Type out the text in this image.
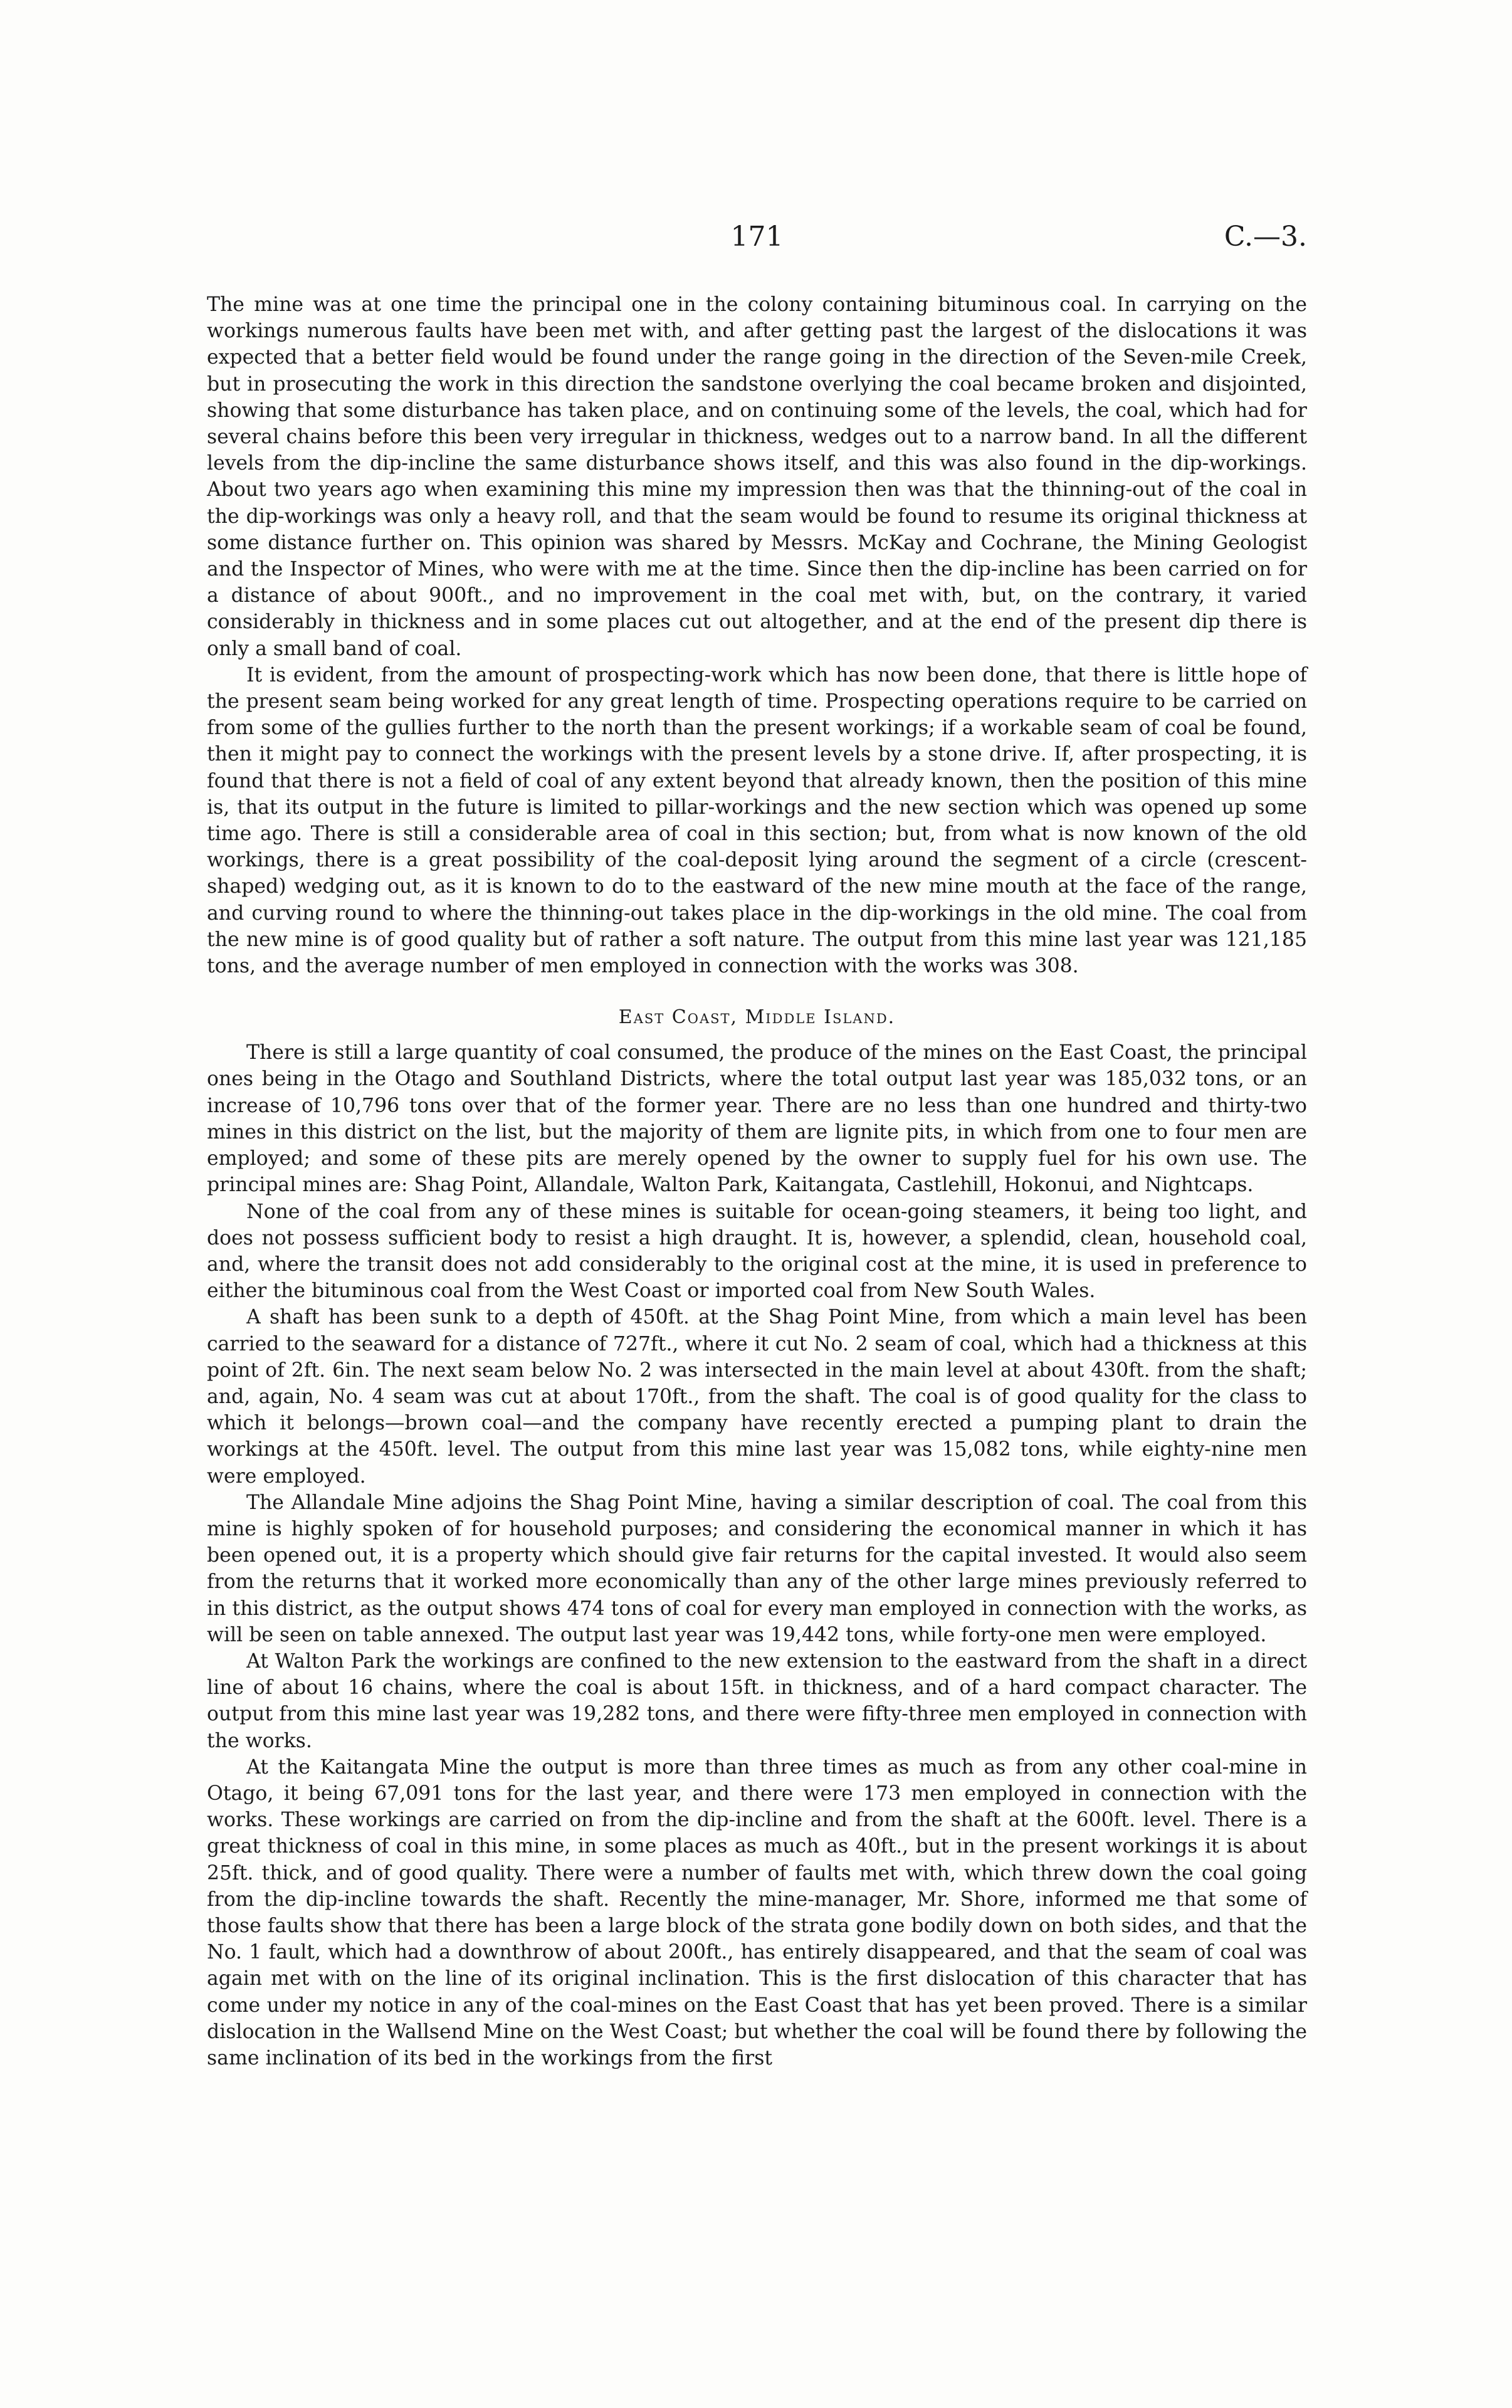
171	C.—3.

The mine was at one time the principal one in the colony containing bituminous coal. In carrying on the workings numerous faults have been met with, and after getting past the largest of the dislocations it was expected that a better field would be found under the range going in the direction of the Seven-mile Creek, but in prosecuting the work in this direction the sandstone overlying the coal became broken and disjointed, showing that some disturbance has taken place, and on continuing some of the levels, the coal, which had for several chains before this been very irregular in thickness, wedges out to a narrow band. In all the different levels from the dip-incline the same disturbance shows itself, and this was also found in the dip-workings. About two years ago when examining this mine my impression then was that the thinning-out of the coal in the dip-workings was only a heavy roll, and that the seam would be found to resume its original thickness at some distance further on. This opinion was shared by Messrs. McKay and Cochrane, the Mining Geologist and the Inspector of Mines, who were with me at the time. Since then the dip-incline has been carried on for a distance of about 900ft., and no improvement in the coal met with, but, on the contrary, it varied considerably in thickness and in some places cut out altogether, and at the end of the present dip there is only a small band of coal.

It is evident, from the amount of prospecting-work which has now been done, that there is little hope of the present seam being worked for any great length of time. Prospecting operations require to be carried on from some of the gullies further to the north than the present workings; if a workable seam of coal be found, then it might pay to connect the workings with the present levels by a stone drive. If, after prospecting, it is found that there is not a field of coal of any extent beyond that already known, then the position of this mine is, that its output in the future is limited to pillar-workings and the new section which was opened up some time ago. There is still a considerable area of coal in this section; but, from what is now known of the old workings, there is a great possibility of the coal-deposit lying around the segment of a circle (crescent-shaped) wedging out, as it is known to do to the eastward of the new mine mouth at the face of the range, and curving round to where the thinning-out takes place in the dip-workings in the old mine. The coal from the new mine is of good quality but of rather a soft nature. The output from this mine last year was 121,185 tons, and the average number of men employed in connection with the works was 308.

East Coast, Middle Island.

There is still a large quantity of coal consumed, the produce of the mines on the East Coast, the principal ones being in the Otago and Southland Districts, where the total output last year was 185,032 tons, or an increase of 10,796 tons over that of the former year. There are no less than one hundred and thirty-two mines in this district on the list, but the majority of them are lignite pits, in which from one to four men are employed; and some of these pits are merely opened by the owner to supply fuel for his own use. The principal mines are: Shag Point, Allandale, Walton Park, Kaitangata, Castlehill, Hokonui, and Nightcaps.

None of the coal from any of these mines is suitable for ocean-going steamers, it being too light, and does not possess sufficient body to resist a high draught. It is, however, a splendid, clean, household coal, and, where the transit does not add considerably to the original cost at the mine, it is used in preference to either the bituminous coal from the West Coast or imported coal from New South Wales.

A shaft has been sunk to a depth of 450ft. at the Shag Point Mine, from which a main level has been carried to the seaward for a distance of 727ft., where it cut No. 2 seam of coal, which had a thickness at this point of 2ft. 6in. The next seam below No. 2 was intersected in the main level at about 430ft. from the shaft; and, again, No. 4 seam was cut at about 170ft., from the shaft. The coal is of good quality for the class to which it belongs—brown coal—and the company have recently erected a pumping plant to drain the workings at the 450ft. level. The output from this mine last year was 15,082 tons, while eighty-nine men were employed.

The Allandale Mine adjoins the Shag Point Mine, having a similar description of coal. The coal from this mine is highly spoken of for household purposes; and considering the economical manner in which it has been opened out, it is a property which should give fair returns for the capital invested. It would also seem from the returns that it worked more economically than any of the other large mines previously referred to in this district, as the output shows 474 tons of coal for every man employed in connection with the works, as will be seen on table annexed. The output last year was 19,442 tons, while forty-one men were employed.

At Walton Park the workings are confined to the new extension to the eastward from the shaft in a direct line of about 16 chains, where the coal is about 15ft. in thickness, and of a hard compact character. The output from this mine last year was 19,282 tons, and there were fifty-three men employed in connection with the works.

At the Kaitangata Mine the output is more than three times as much as from any other coal-mine in Otago, it being 67,091 tons for the last year, and there were 173 men employed in connection with the works. These workings are carried on from the dip-incline and from the shaft at the 600ft. level. There is a great thickness of coal in this mine, in some places as much as 40ft., but in the present workings it is about 25ft. thick, and of good quality. There were a number of faults met with, which threw down the coal going from the dip-incline towards the shaft. Recently the mine-manager, Mr. Shore, informed me that some of those faults show that there has been a large block of the strata gone bodily down on both sides, and that the No. 1 fault, which had a downthrow of about 200ft., has entirely disappeared, and that the seam of coal was again met with on the line of its original inclination. This is the first dislocation of this character that has come under my notice in any of the coal-mines on the East Coast that has yet been proved. There is a similar dislocation in the Wallsend Mine on the West Coast; but whether the coal will be found there by following the same inclination of its bed in the workings from the first
